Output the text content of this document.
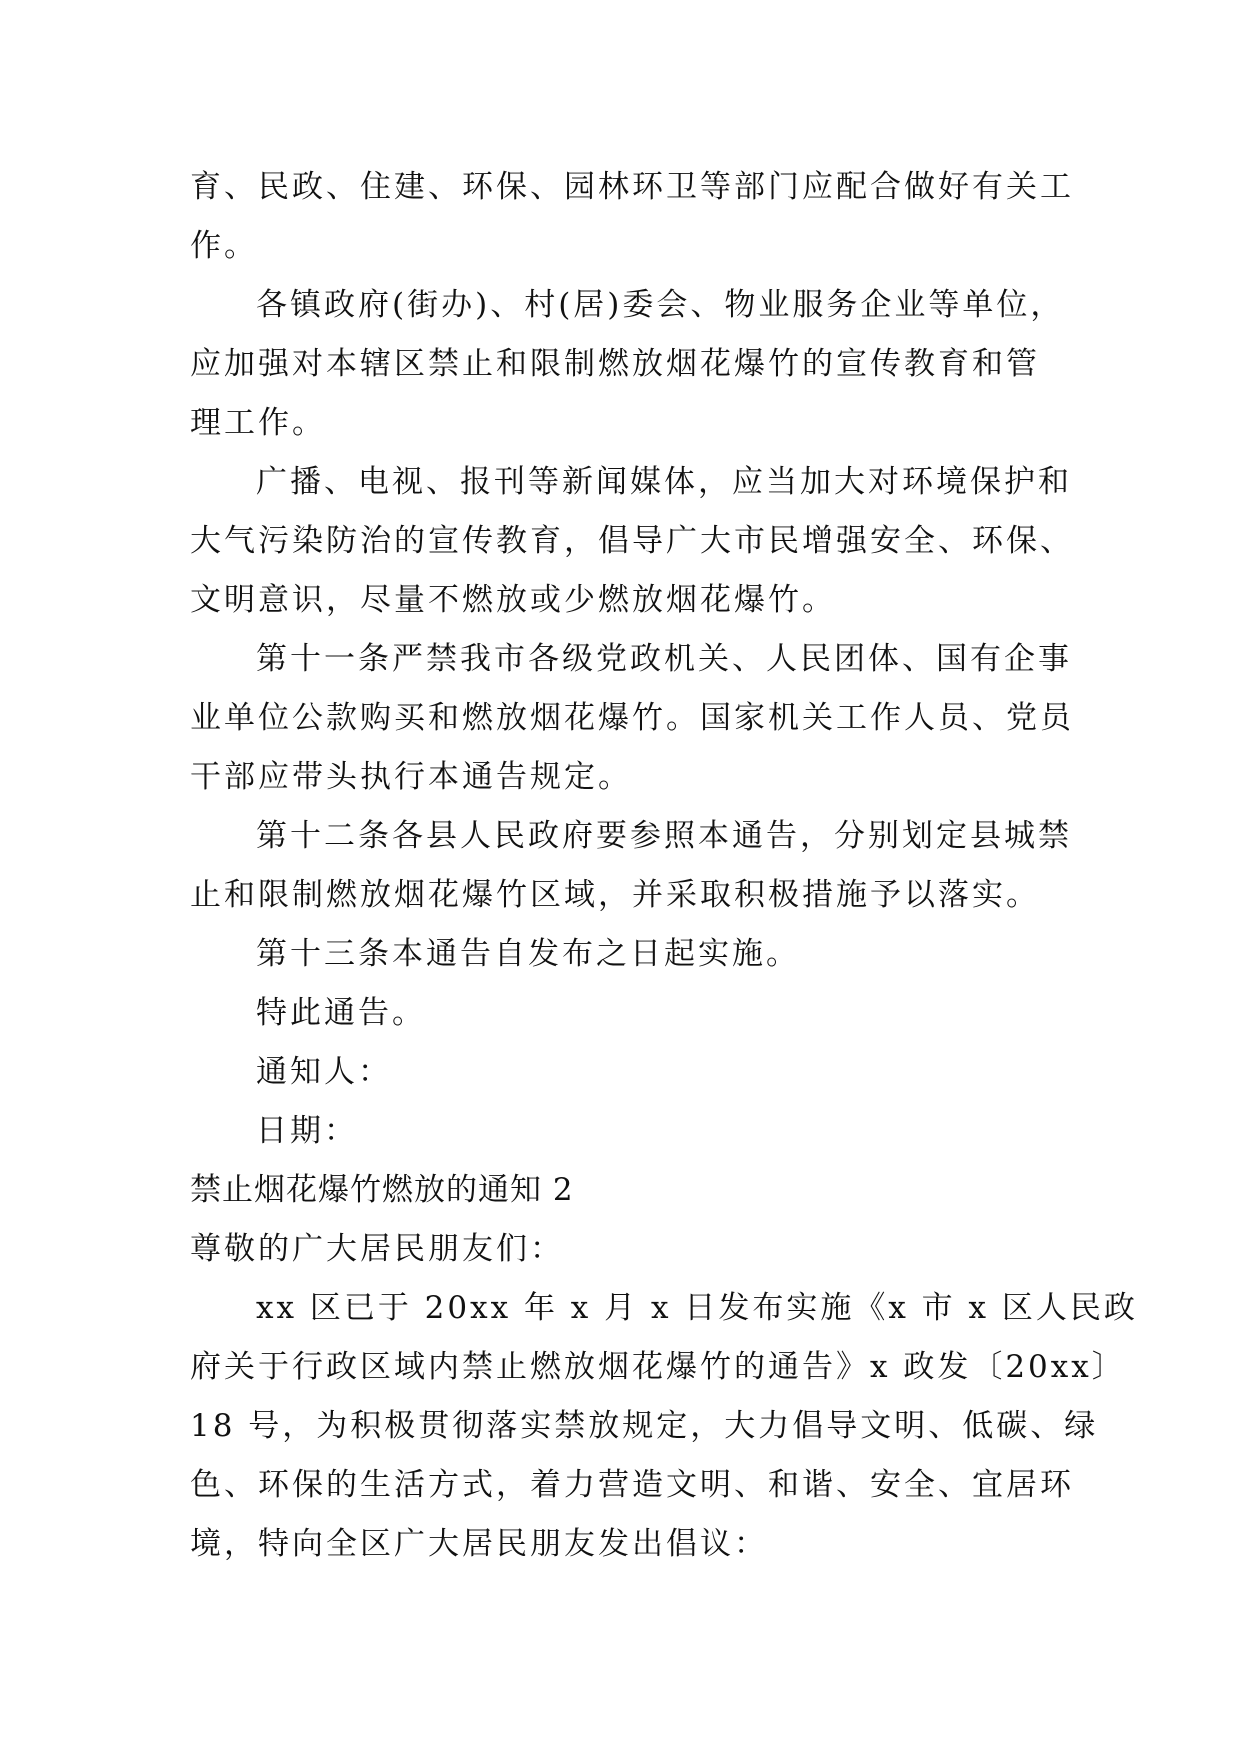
育、民政、住建、环保、园林环卫等部门应配合做好有关工
作。
各镇政府(街办)、村(居)委会、物业服务企业等单位，
应加强对本辖区禁止和限制燃放烟花爆竹的宣传教育和管
理工作。
广播、电视、报刊等新闻媒体，应当加大对环境保护和
大气污染防治的宣传教育，倡导广大市民增强安全、环保、
文明意识，尽量不燃放或少燃放烟花爆竹。
第十一条严禁我市各级党政机关、人民团体、国有企事
业单位公款购买和燃放烟花爆竹。国家机关工作人员、党员
干部应带头执行本通告规定。
第十二条各县人民政府要参照本通告，分别划定县城禁
止和限制燃放烟花爆竹区域，并采取积极措施予以落实。
第十三条本通告自发布之日起实施。
特此通告。
通知人：
日期：
禁止烟花爆竹燃放的通知 2
尊敬的广大居民朋友们：
xx 区已于 20xx 年 x 月 x 日发布实施《x 市 x 区人民政
府关于行政区域内禁止燃放烟花爆竹的通告》x 政发〔20xx〕
18 号，为积极贯彻落实禁放规定，大力倡导文明、低碳、绿
色、环保的生活方式，着力营造文明、和谐、安全、宜居环
境，特向全区广大居民朋友发出倡议：
